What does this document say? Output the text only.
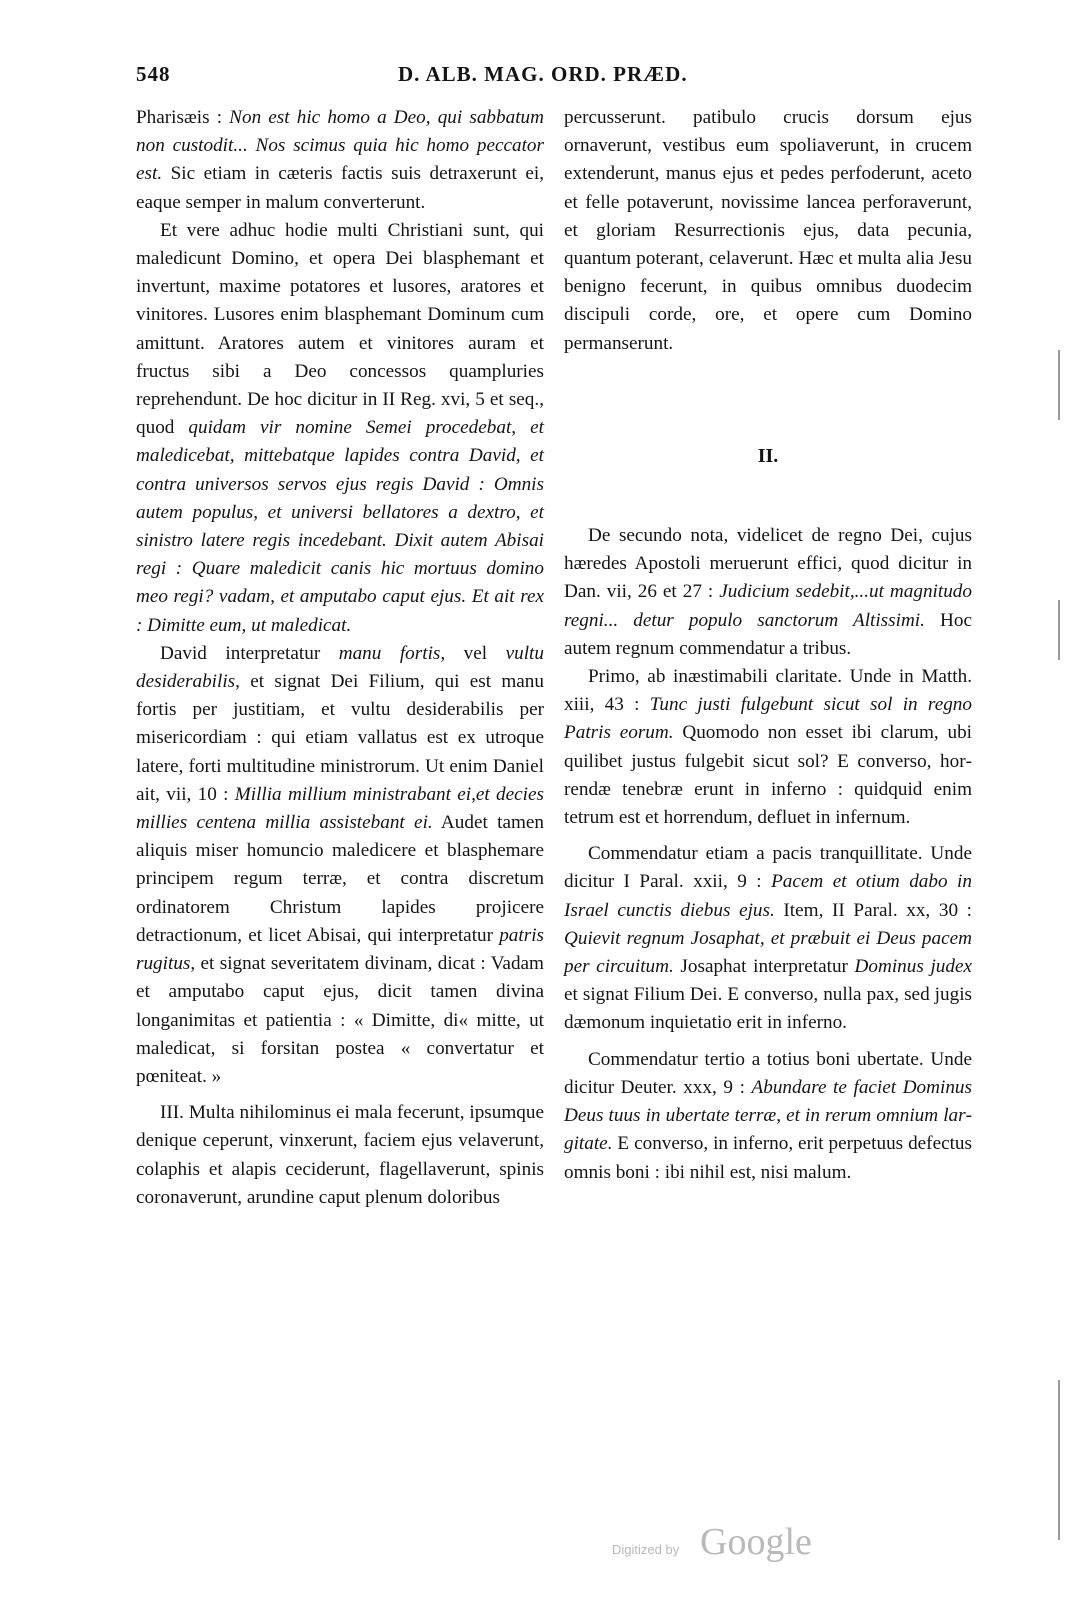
548	D. ALB. MAG. ORD. PRÆD.

Pharisæis : Non est hic homo a Deo, qui sabbatum non custodit... Nos scimus quia hic homo peccator est. Sic etiam in cæteris factis suis detraxerunt ei, eaque semper in malum converterunt.

Et vere adhuc hodie multi Christiani sunt, qui maledicunt Domino, et opera Dei blasphemant et invertunt, maxime potatores et lusores, aratores et vinitores. Lusores enim blasphemant Dominum cum amittunt. Aratores autem et vinitores auram et fructus sibi a Deo concessos quampluries reprehendunt. De hoc dicitur in II Reg. xvi, 5 et seq., quod quidam vir nomine Semei procedebat, et maledicebat, mittebatque lapides contra David, et contra universos servos ejus regis David : Omnis autem populus, et universi bellatores a dextro, et sinistro latere regis incedebant. Dixit autem Abisai regi : Quare maledicit canis hic mortuus domino meo regi? vadam, et amputabo caput ejus. Et ait rex : Dimitte eum, ut maledicat.

David interpretatur manu fortis, vel vultu desiderabilis, et signat Dei Filium, qui est manu fortis per justitiam, et vultu desiderabilis per misericordiam : qui etiam vallatus est ex utroque latere, forti multitudine ministrorum. Ut enim Daniel ait, vii, 10 : Millia millium ministrabant ei,et decies millies centena millia assistebant ei. Audet tamen aliquis miser homuncio maledicere et blasphemare principem regum terræ, et contra discretum ordinatorem Christum lapides projicere detractionum, et licet Abisai, qui interpretatur patris rugitus, et signat severitatem divinam, dicat : Vadam et amputabo caput ejus, dicit tamen divina longanimitas et patientia : « Dimitte, di« mitte, ut maledicat, si forsitan postea « convertatur et pœniteat. »

III. Multa nihilominus ei mala fecerunt, ipsumque denique ceperunt, vinxerunt, faciem ejus velaverunt, colaphis et alapis ceciderunt, flagellaverunt, spinis coronaverunt, arundine caput plenum doloribus

percusserunt. patibulo crucis dorsum ejus ornaverunt, vestibus eum spoliaverunt, in crucem extenderunt, manus ejus et pedes perfoderunt, aceto et felle potaverunt, novissime lancea perforaverunt, et gloriam Resurrectionis ejus, data pecunia, quantum poterant, celaverunt. Hæc et multa alia Jesu benigno fecerunt, in quibus omnibus duodecim discipuli corde, ore, et opere cum Domino permanserunt.

II.

De secundo nota, videlicet de regno Dei, cujus hæredes Apostoli meruerunt effici, quod dicitur in Dan. vii, 26 et 27 : Judicium sedebit,...ut magnitudo regni... detur populo sanctorum Altissimi. Hoc autem regnum commendatur a tribus.

Primo, ab inæstimabili claritate. Unde in Matth. xiii, 43 : Tunc justi fulgebunt sicut sol in regno Patris eorum. Quomodo non esset ibi clarum, ubi quilibet justus fulgebit sicut sol? E converso, horrendæ tenebræ erunt in inferno : quidquid enim tetrum est et horrendum, defluet in infernum.

Commendatur etiam a pacis tranquillitate. Unde dicitur I Paral. xxii, 9 : Pacem et otium dabo in Israel cunctis diebus ejus. Item, II Paral. xx, 30 : Quievit regnum Josaphat, et præbuit ei Deus pacem per circuitum. Josaphat interpretatur Dominus judex et signat Filium Dei. E converso, nulla pax, sed jugis dæmonum inquietatio erit in inferno.

Commendatur tertio a totius boni ubertate. Unde dicitur Deuter. xxx, 9 : Abundare te faciet Dominus Deus tuus in ubertate terræ, et in rerum omnium largitate. E converso, in inferno, erit perpetuus defectus omnis boni : ibi nihil est, nisi malum.

Digitized by Google
